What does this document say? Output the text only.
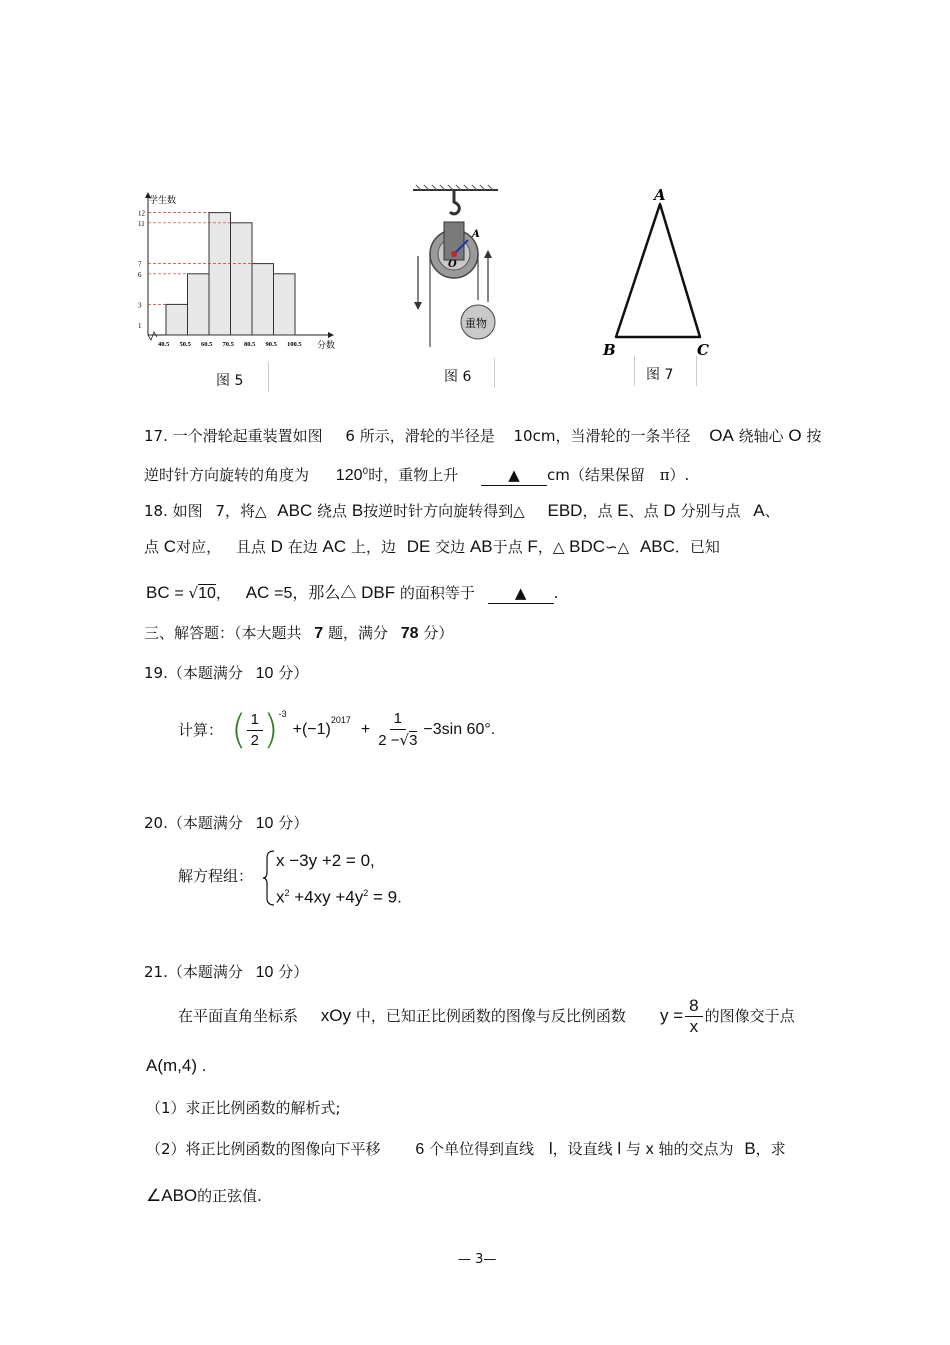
12
11
7
6
3
1
40.5 50.5 60.5 70.5 80.5 90.5 100.5
学生数
分数
图 5
A
O
重物
图 6
A
B	C
图 7
17. 一个滑轮起重装置如图 6 所示，滑轮的半径是 10cm，当滑轮的一条半径 OA 绕轴心 O 按
逆时针方向旋转的角度为 $120^0$时，重物上升	▲ cm（结果保留 π）.
18. 如图 7，将△ ABC 绕点 B按逆时针方向旋转得到△ EBD，点 E、点 D 分别与点 A、
点 C对应， 且点 D 在边 AC 上，边 DE 交边 AB于点 F，△ BDC∽△ ABC．已知
BC = √10， AC =5，那么△ DBF 的面积等于	▲ .
三、解答题：（本大题共 7 题，满分 78 分）
19.（本题满分 10 分）
计算： ( $\frac{1}{2}$ ) -3
+(−1)
2017
+ $\frac{1}{2 -√3} -3\sin$ 60°.
20.（本题满分 10 分）
解方程组：
x −3y +2 = 0,
$x^2 +4xy +4y^2 = 9$.
21.（本题满分 10 分）
在平面直角坐标系 xOy 中，已知正比例函数的图像与反比例函数 $y = \frac{8}{x}$ 的图像交于点
A(m,4) .
（1）求正比例函数的解析式;
（2）将正比例函数的图像向下平移 6 个单位得到直线 l，设直线 l 与 x 轴的交点为 B，求
∠ABO的正弦值.
— 3—
